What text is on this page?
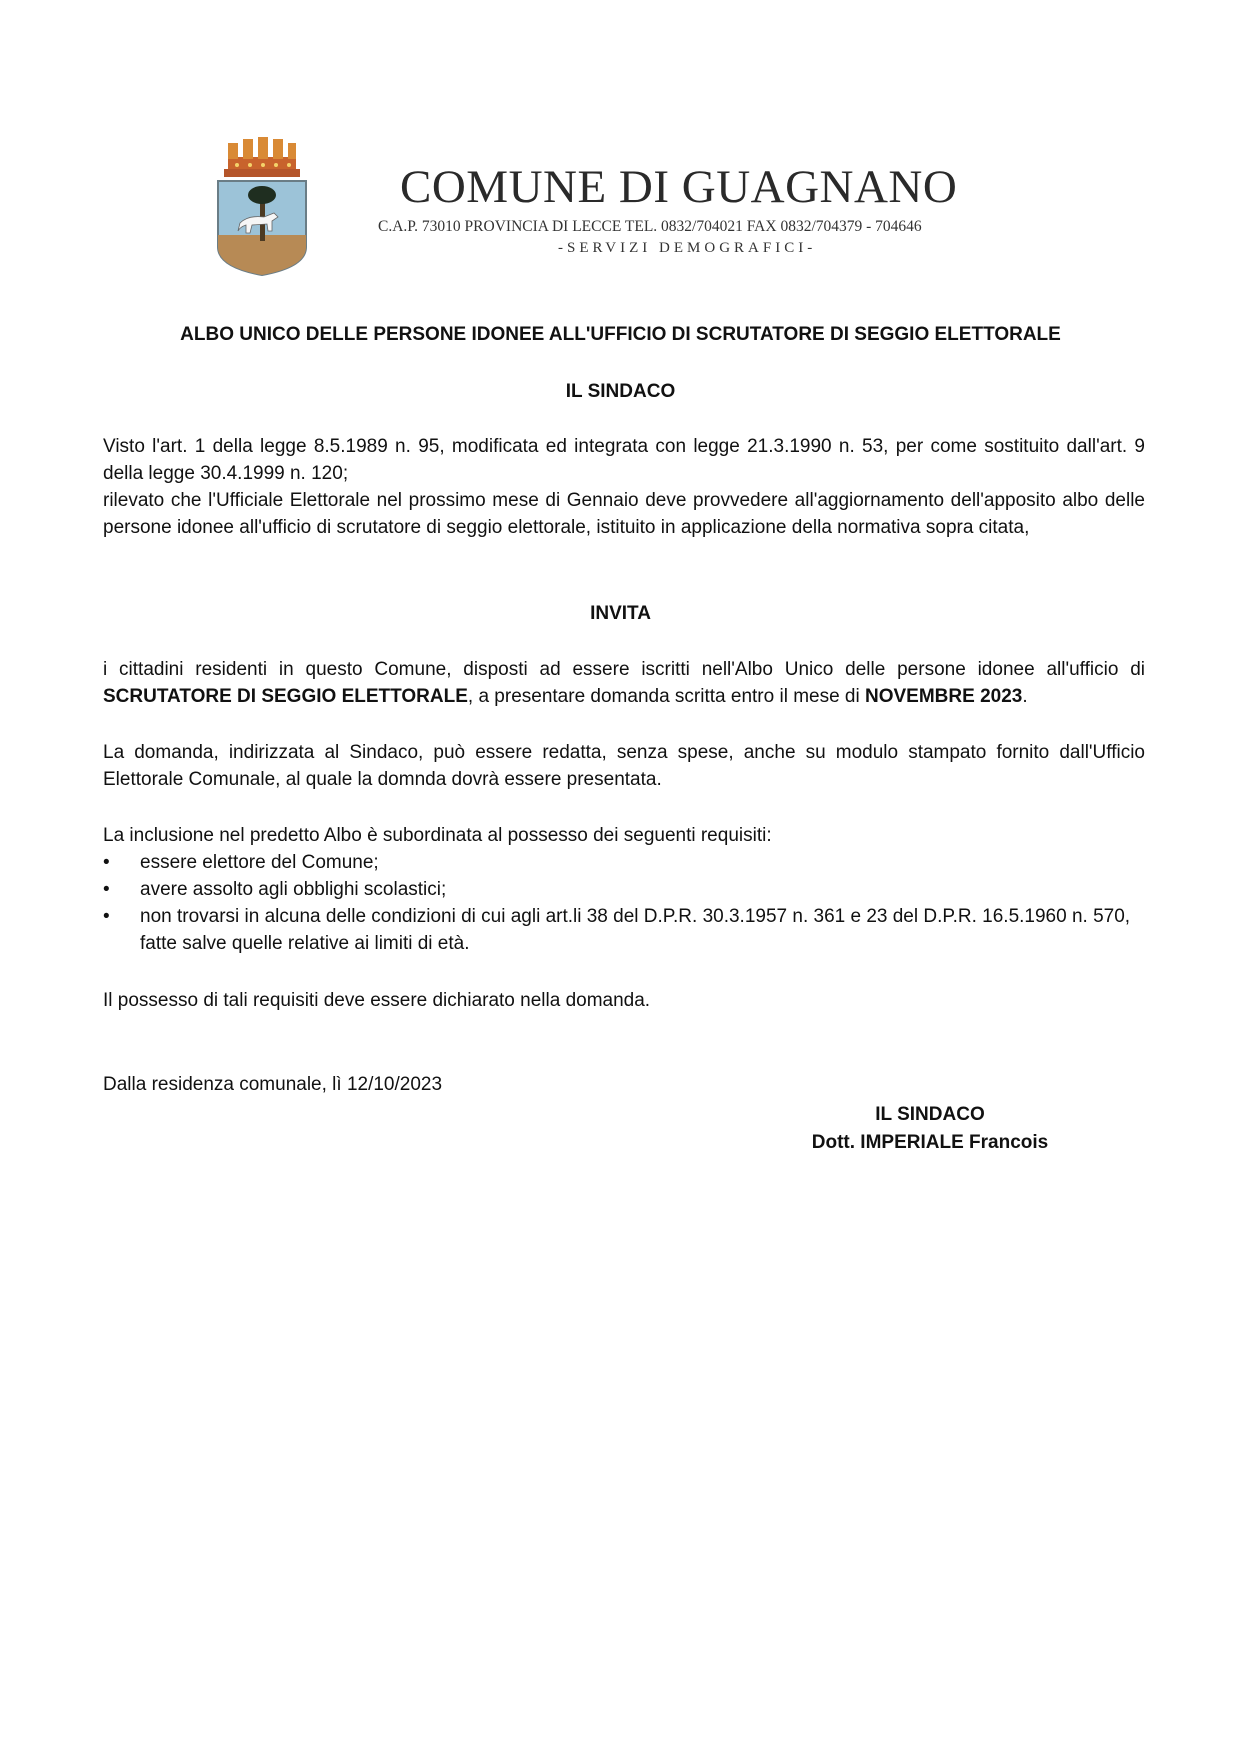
COMUNE DI GUAGNANO
C.A.P. 73010 PROVINCIA DI LECCE TEL. 0832/704021 FAX 0832/704379 - 704646
-SERVIZI DEMOGRAFICI-
ALBO UNICO DELLE PERSONE IDONEE ALL'UFFICIO DI SCRUTATORE DI SEGGIO ELETTORALE
IL SINDACO

Visto l'art. 1 della legge 8.5.1989 n. 95, modificata ed integrata con legge 21.3.1990 n. 53, per come sostituito dall'art. 9 della legge 30.4.1999 n. 120;

rilevato che l'Ufficiale Elettorale nel prossimo mese di Gennaio deve provvedere all'aggiornamento dell'apposito albo delle persone idonee all'ufficio di scrutatore di seggio elettorale, istituito in applicazione della normativa sopra citata,

INVITA

i cittadini residenti in questo Comune, disposti ad essere iscritti nell'Albo Unico delle persone idonee all'ufficio di SCRUTATORE DI SEGGIO ELETTORALE, a presentare domanda scritta entro il mese di NOVEMBRE 2023.

La domanda, indirizzata al Sindaco, può essere redatta, senza spese, anche su modulo stampato fornito dall'Ufficio Elettorale Comunale, al quale la domnda dovrà essere presentata.

La inclusione nel predetto Albo è subordinata al possesso dei seguenti requisiti:

• essere elettore del Comune;
• avere assolto agli obblighi scolastici;
• non trovarsi in alcuna delle condizioni di cui agli art.li 38 del D.P.R. 30.3.1957 n. 361 e 23 del D.P.R. 16.5.1960 n. 570, fatte salve quelle relative ai limiti di età.

Il possesso di tali requisiti deve essere dichiarato nella domanda.

Dalla residenza comunale, lì 12/10/2023

IL SINDACO
Dott. IMPERIALE Francois
